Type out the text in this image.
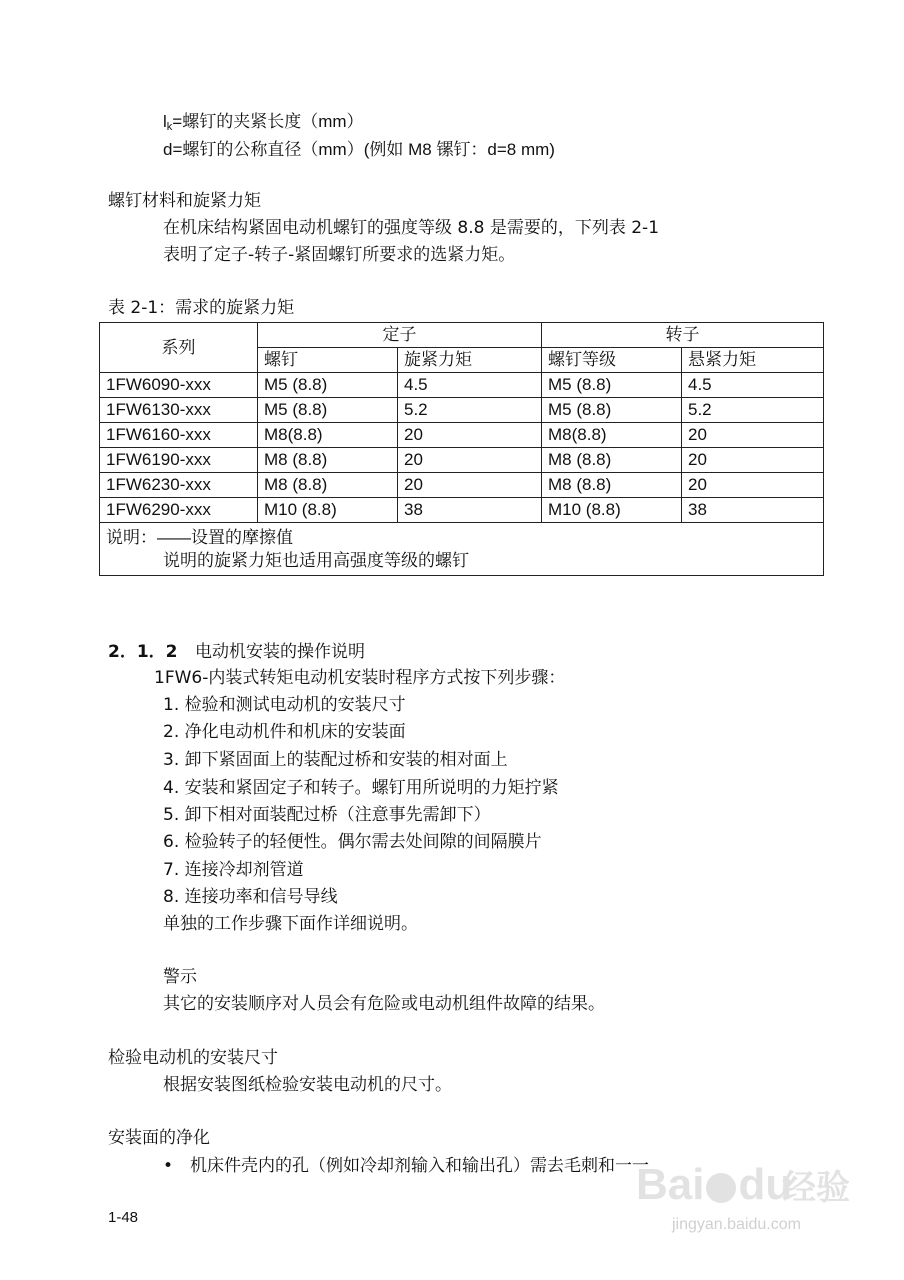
$l_k=$螺钉的夹紧长度（mm）
d=螺钉的公称直径（mm）(例如 M8 镙钉：d=8 mm)
螺钉材料和旋紧力矩
在机床结构紧固电动机螺钉的强度等级 8.8 是需要的，下列表 2-1
表明了定子-转子-紧固螺钉所要求的选紧力矩。
表 2-1：需求的旋紧力矩
系列	定子		转子	
	螺钉	旋紧力矩	螺钉等级	悬紧力矩
1FW6090-xxx	M5 (8.8)	4.5	M5 (8.8)	4.5
1FW6130-xxx	M5 (8.8)	5.2	M5 (8.8)	5.2
1FW6160-xxx	M8(8.8)	20	M8(8.8)	20
1FW6190-xxx	M8 (8.8)	20	M8 (8.8)	20
1FW6230-xxx	M8 (8.8)	20	M8 (8.8)	20
1FW6290-xxx	M10 (8.8)	38	M10 (8.8)	38

说明：——设置的摩擦值
说明的旋紧力矩也适用高强度等级的螺钉				
2．1．2 电动机安装的操作说明
1FW6-内装式转矩电动机安装时程序方式按下列步骤：
1. 检验和测试电动机的安装尺寸
2. 净化电动机件和机床的安装面
3. 卸下紧固面上的装配过桥和安装的相对面上
4. 安装和紧固定子和转子。螺钉用所说明的力矩拧紧
5. 卸下相对面装配过桥（注意事先需卸下）
6. 检验转子的轻便性。偶尔需去处间隙的间隔膜片
7. 连接冷却剂管道
8. 连接功率和信号导线
单独的工作步骤下面作详细说明。
警示
其它的安装顺序对人员会有危险或电动机组件故障的结果。
检验电动机的安装尺寸
根据安装图纸检验安装电动机的尺寸。
安装面的净化
• 机床件壳内的孔（例如冷却剂输入和输出孔）需去毛刺和一一
1-48
Bai du
经验
jingyan.baidu.com
